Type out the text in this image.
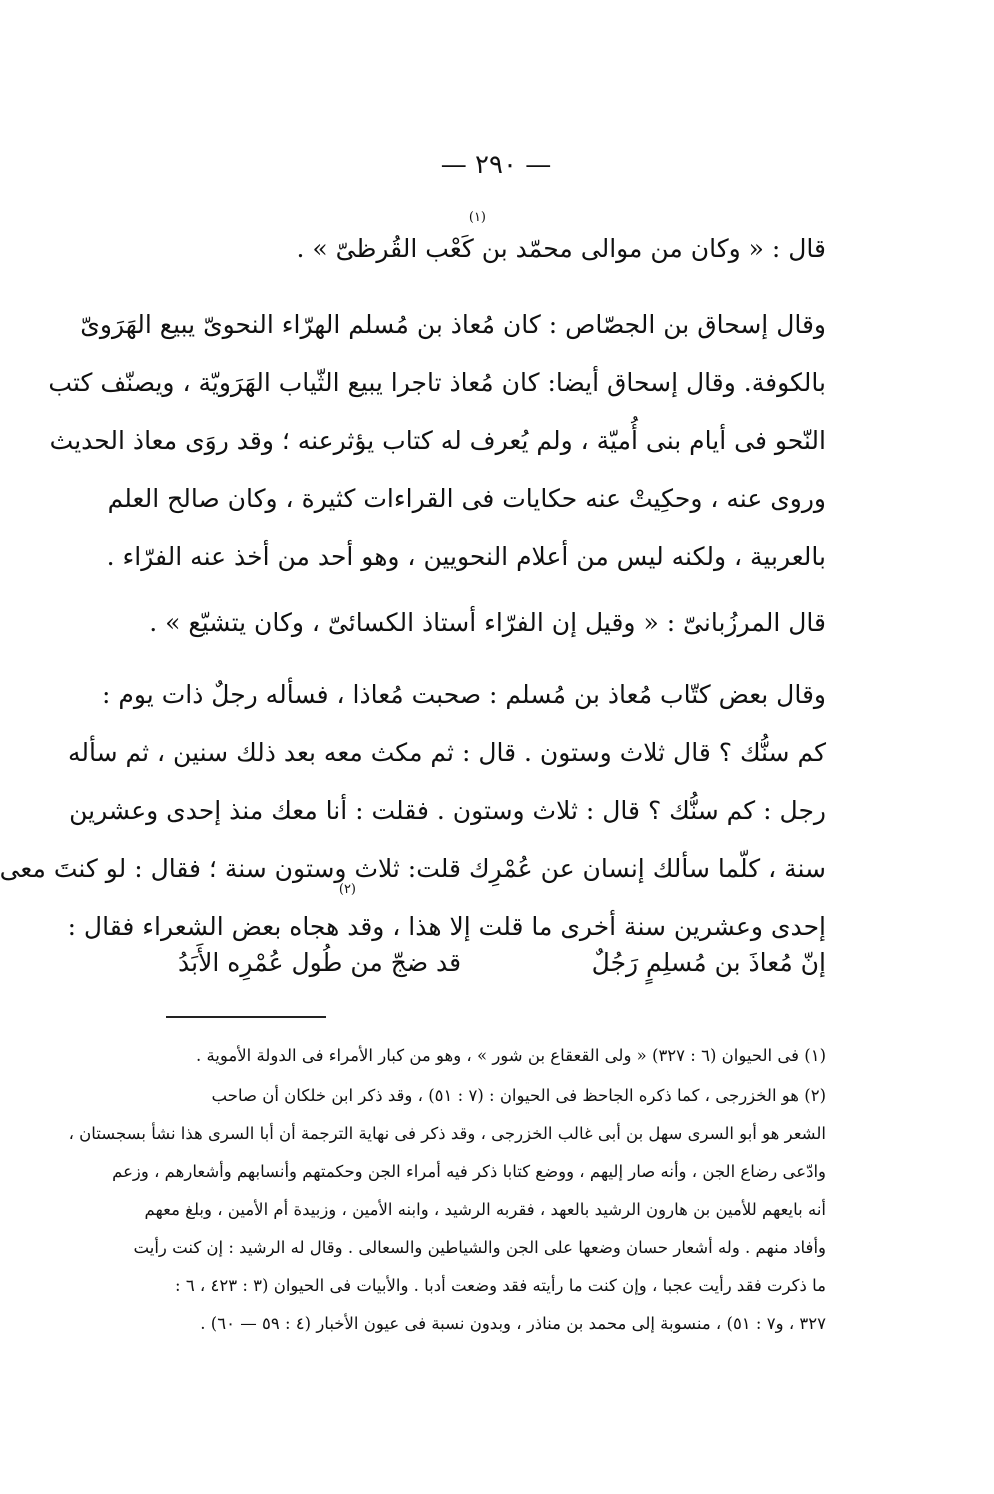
— ٢٩٠ —
قال : « وكان من موالى محمّد بن كَعْب القُرظىّ » .
(١)
وقال إسحاق بن الجصّاص : كان مُعاذ بن مُسلم الهرّاء النحوىّ يبيع الهَرَوىّ
بالكوفة. وقال إسحاق أيضا: كان مُعاذ تاجرا يبيع الثّياب الهَرَويّة ، ويصنّف كتب
النّحو فى أيام بنى أُميّة ، ولم يُعرف له كتاب يؤثرعنه ؛ وقد روَى معاذ الحديث
وروى عنه ، وحكِيتْ عنه حكايات فى القراءات كثيرة ، وكان صالح العلم
بالعربية ، ولكنه ليس من أعلام النحويين ، وهو أحد من أخذ عنه الفرّاء .
قال المرزُبانىّ : « وقيل إن الفرّاء أستاذ الكسائىّ ، وكان يتشيّع » .
وقال بعض كتّاب مُعاذ بن مُسلم : صحبت مُعاذا ، فسأله رجلٌ ذات يوم :
كم سنُّك ؟ قال ثلاث وستون . قال : ثم مكث معه بعد ذلك سنين ، ثم سأله
رجل : كم سنُّك ؟ قال : ثلاث وستون . فقلت : أنا معك منذ إحدى وعشرين
سنة ، كلّما سألك إنسان عن عُمْرِك قلت: ثلاث وستون سنة ؛ فقال : لو كنتَ معى
إحدى وعشرين سنة أخرى ما قلت إلا هذا ، وقد هجاه بعض الشعراء فقال :
(٢)
إنّ مُعاذَ بن مُسلِمٍ رَجُلٌ
قد ضجّ من طُول عُمْرِه الأَبَدُ
(١) فى الحيوان (٦ : ٣٢٧) « ولى القعقاع بن شور » ، وهو من كبار الأمراء فى الدولة الأموية .
(٢) هو الخزرجى ، كما ذكره الجاحظ فى الحيوان : (٧ : ٥١) ، وقد ذكر ابن خلكان أن صاحب
الشعر هو أبو السرى سهل بن أبى غالب الخزرجى ، وقد ذكر فى نهاية الترجمة أن أبا السرى هذا نشأ بسجستان ،
وادّعى رضاع الجن ، وأنه صار إليهم ، ووضع كتابا ذكر فيه أمراء الجن وحكمتهم وأنسابهم وأشعارهم ، وزعم
أنه بايعهم للأمين بن هارون الرشيد بالعهد ، فقربه الرشيد ، وابنه الأمين ، وزبيدة أم الأمين ، وبلغ معهم
وأفاد منهم . وله أشعار حسان وضعها على الجن والشياطين والسعالى . وقال له الرشيد : إن كنت رأيت
ما ذكرت فقد رأيت عجبا ، وإن كنت ما رأيته فقد وضعت أدبا . والأبيات فى الحيوان (٣ : ٤٢٣ ، ٦ :
٣٢٧ ، و٧ : ٥١) ، منسوبة إلى محمد بن مناذر ، وبدون نسبة فى عيون الأخبار (٤ : ٥٩ — ٦٠) .
